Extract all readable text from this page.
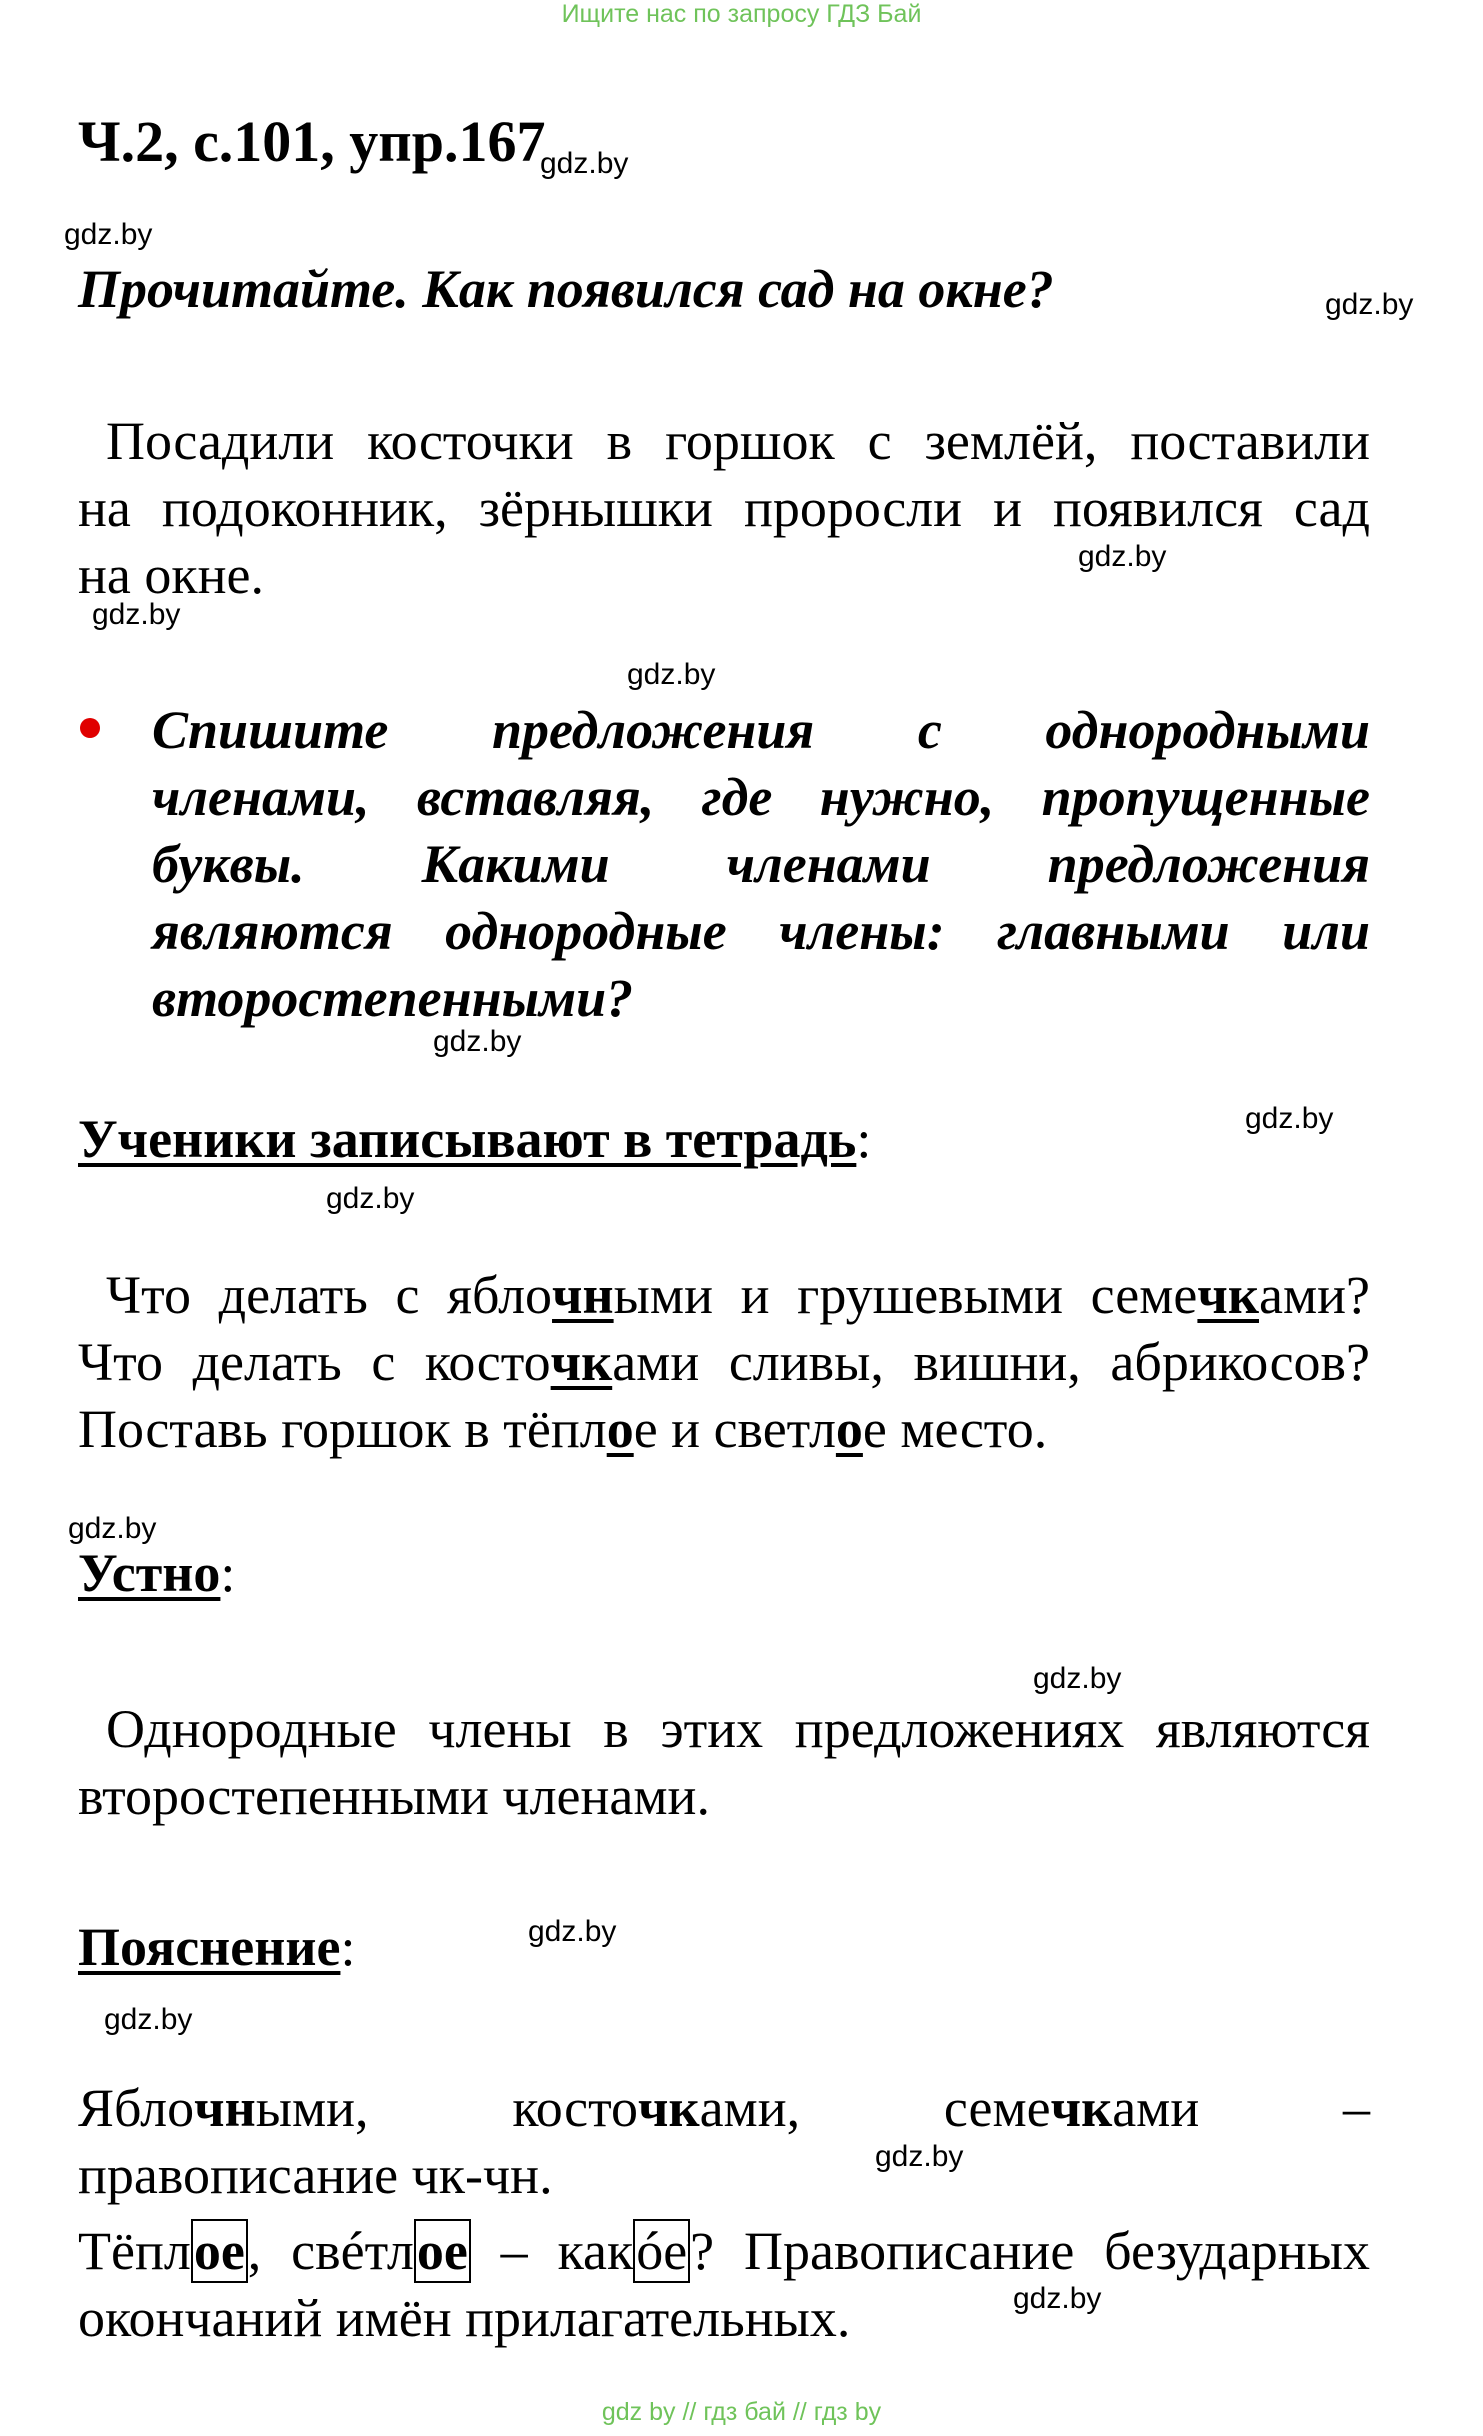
Ищите нас по запросу ГДЗ Бай
Ч.2, с.101, упр.167
gdz.by
gdz.by
Прочитайте. Как появился сад на окне?	gdz.by
Посадили косточки в горшок с землёй, поставили
на подоконник, зёрнышки проросли и появился сад
на окне.	gdz.by
gdz.by
gdz.by
Спишите предложения с однородными
членами, вставляя, где нужно, пропущенные
буквы. Какими членами предложения
являются однородные члены: главными или
второстепенными?
gdz.by
Ученики записывают в тетрадь:	gdz.by
gdz.by
Что делать с яблочными и грушевыми семечками?
Что делать с косточками сливы, вишни, абрикосов?
Поставь горшок в тёплое и светлое место.
gdz.by
Устно:
gdz.by
Однородные члены в этих предложениях являются
второстепенными членами.
Пояснение:	gdz.by
gdz.by
Яблочными,	косточками,	семечками	–
правописание чк-чн.	gdz.by
Тёплое, свéтлое – какóе? Правописание безударных
окончаний имён прилагательных.	gdz.by
gdz by // гдз бай // гдз by
